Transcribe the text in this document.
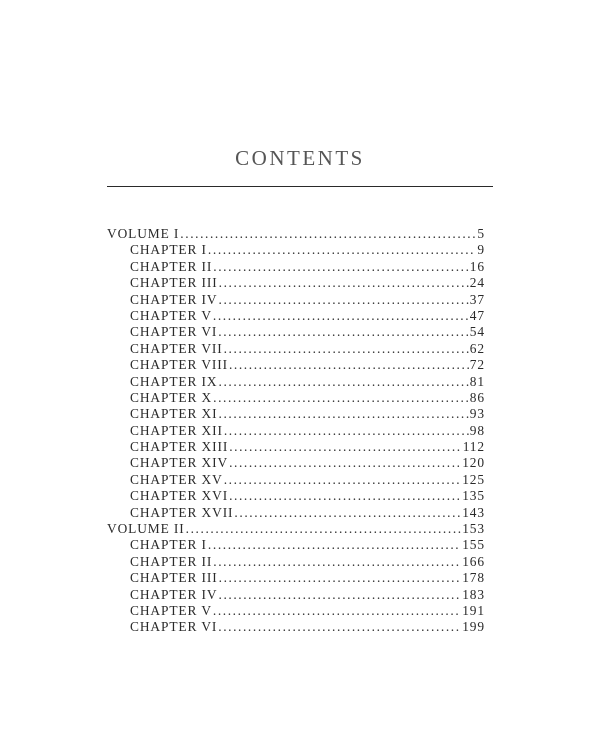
CONTENTS
VOLUME I .....	5
CHAPTER I .....	9
CHAPTER II .....	16
CHAPTER III .....	24
CHAPTER IV .....	37
CHAPTER V .....	47
CHAPTER VI .....	54
CHAPTER VII .....	62
CHAPTER VIII .....	72
CHAPTER IX .....	81
CHAPTER X .....	86
CHAPTER XI .....	93
CHAPTER XII .....	98
CHAPTER XIII .....	112
CHAPTER XIV .....	120
CHAPTER XV .....	125
CHAPTER XVI .....	135
CHAPTER XVII .....	143
VOLUME II .....	153
CHAPTER I .....	155
CHAPTER II .....	166
CHAPTER III .....	178
CHAPTER IV .....	183
CHAPTER V .....	191
CHAPTER VI .....	199
